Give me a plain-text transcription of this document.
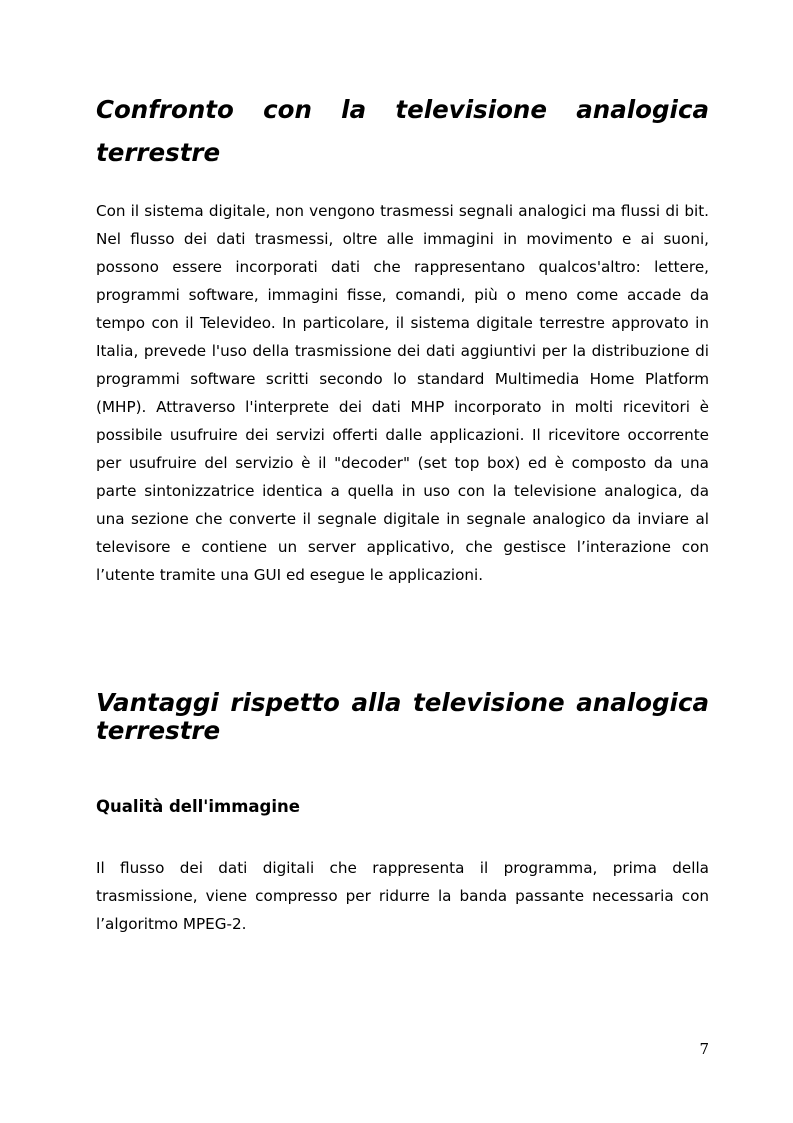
Confronto con la televisione analogica terrestre

Con il sistema digitale, non vengono trasmessi segnali analogici ma flussi di bit. Nel flusso dei dati trasmessi, oltre alle immagini in movimento e ai suoni, possono essere incorporati dati che rappresentano qualcos'altro: lettere, programmi software, immagini fisse, comandi, più o meno come accade da tempo con il Televideo. In particolare, il sistema digitale terrestre approvato in Italia, prevede l'uso della trasmissione dei dati aggiuntivi per la distribuzione di programmi software scritti secondo lo standard Multimedia Home Platform (MHP). Attraverso l'interprete dei dati MHP incorporato in molti ricevitori è possibile usufruire dei servizi offerti dalle applicazioni. Il ricevitore occorrente per usufruire del servizio è il "decoder" (set top box) ed è composto da una parte sintonizzatrice identica a quella in uso con la televisione analogica, da una sezione che converte il segnale digitale in segnale analogico da inviare al televisore e contiene un server applicativo, che gestisce l’interazione con l’utente tramite una GUI ed esegue le applicazioni.

Vantaggi rispetto alla televisione analogica terrestre
Qualità dell'immagine

Il flusso dei dati digitali che rappresenta il programma, prima della trasmissione, viene compresso per ridurre la banda passante necessaria con l’algoritmo MPEG-2.

7
